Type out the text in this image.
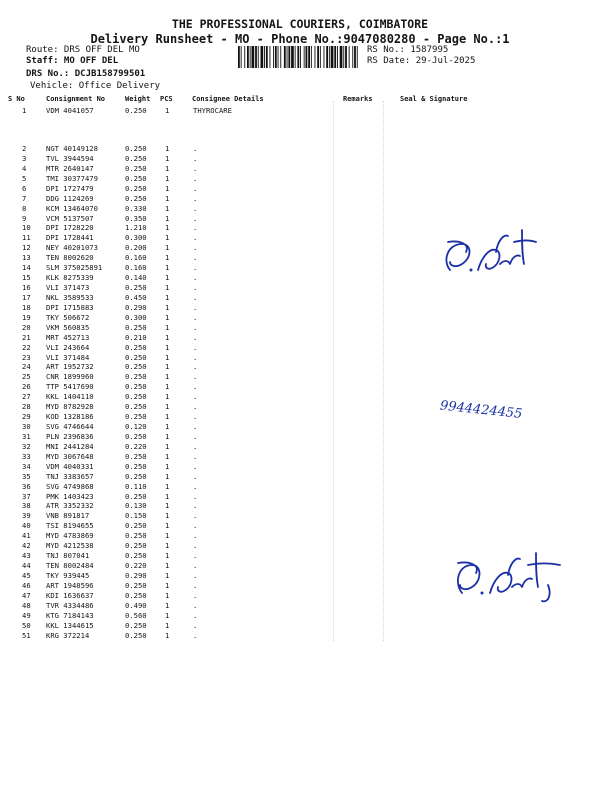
THE PROFESSIONAL COURIERS, COIMBATORE
Delivery Runsheet - MO - Phone No.:9047080280 - Page No.:1
Route: DRS OFF DEL MO
Staff: MO OFF DEL
DRS No.: DCJB158799501
Vehicle: Office Delivery
RS No.: 1587995
RS Date: 29-Jul-2025
S No	Consignment No	Weight PCS	Consignee Details	Remarks	Seal & Signature
1	VDM 4041057	0.250	1	THYROCARE
2	NGT 40149128	0.250	1	.
3	TVL 3944594	0.250	1	.
4	MTR 2640147	0.250	1	.
5	TMI 30377479	0.250	1	.
6	DPI 1727479	0.250	1	.
7	DDG 1124269	0.250	1	.
8	KCM 13464070	0.330	1	.
9	VCM 5137507	0.350	1	.
10 DPI 1728220	1.210	1	.
11 DPI 1728441	0.300	1	.
12 NEY 40201073	0.200	1	.
13 TEN 8002620	0.160	1	.
14 SLM 375025891	0.160	1	.
15 KLK 8275339	0.140	1	.
16 VLI 371473	0.250	1	.
17 NKL 3589533	0.450	1	.
18 DPI 1715883	0.290	1	.
19 TKY 506672	0.300	1	.
20 VKM 560835	0.250	1	.
21 MRT 452713	0.210	1	.
22 VLI 243664	0.250	1	.
23 VLI 371484	0.250	1	.
24 ART 1952732	0.250	1	.
25 CNR 1899960	0.250	1	.
26 TTP 5417690	0.250	1	.
27 KKL 1404110	0.250	1	.
28 MYD 8782928	0.250	1	.
29 KOD 1328186	0.250	1	.
30 SVG 4746644	0.120	1	.
31 PLN 2396836	0.250	1	.
32 MNI 2441284	0.220	1	.
33 MYD 3067648	0.250	1	.
34 VDM 4040331	0.250	1	.
35 TNJ 3383657	0.250	1	.
36 SVG 4749868	0.110	1	.
37 PMK 1403423	0.250	1	.
38 ATR 3352332	0.130	1	.
39 VNB 891817	0.150	1	.
40 TSI 8194655	0.250	1	.
41 MYD 4783869	0.250	1	.
42 MYD 4212538	0.250	1	.
43 TNJ 807041	0.250	1	.
44 TEN 8002484	0.220	1	.
45 TKY 939445	0.290	1	.
46 ART 1948596	0.250	1	.
47 KDI 1636637	0.250	1	.
48 TVR 4334486	0.490	1	.
49 KTG 7184143	0.560	1	.
50 KKL 1344615	0.250	1	.
51 KRG 372214	0.250	1	.
9944424455
